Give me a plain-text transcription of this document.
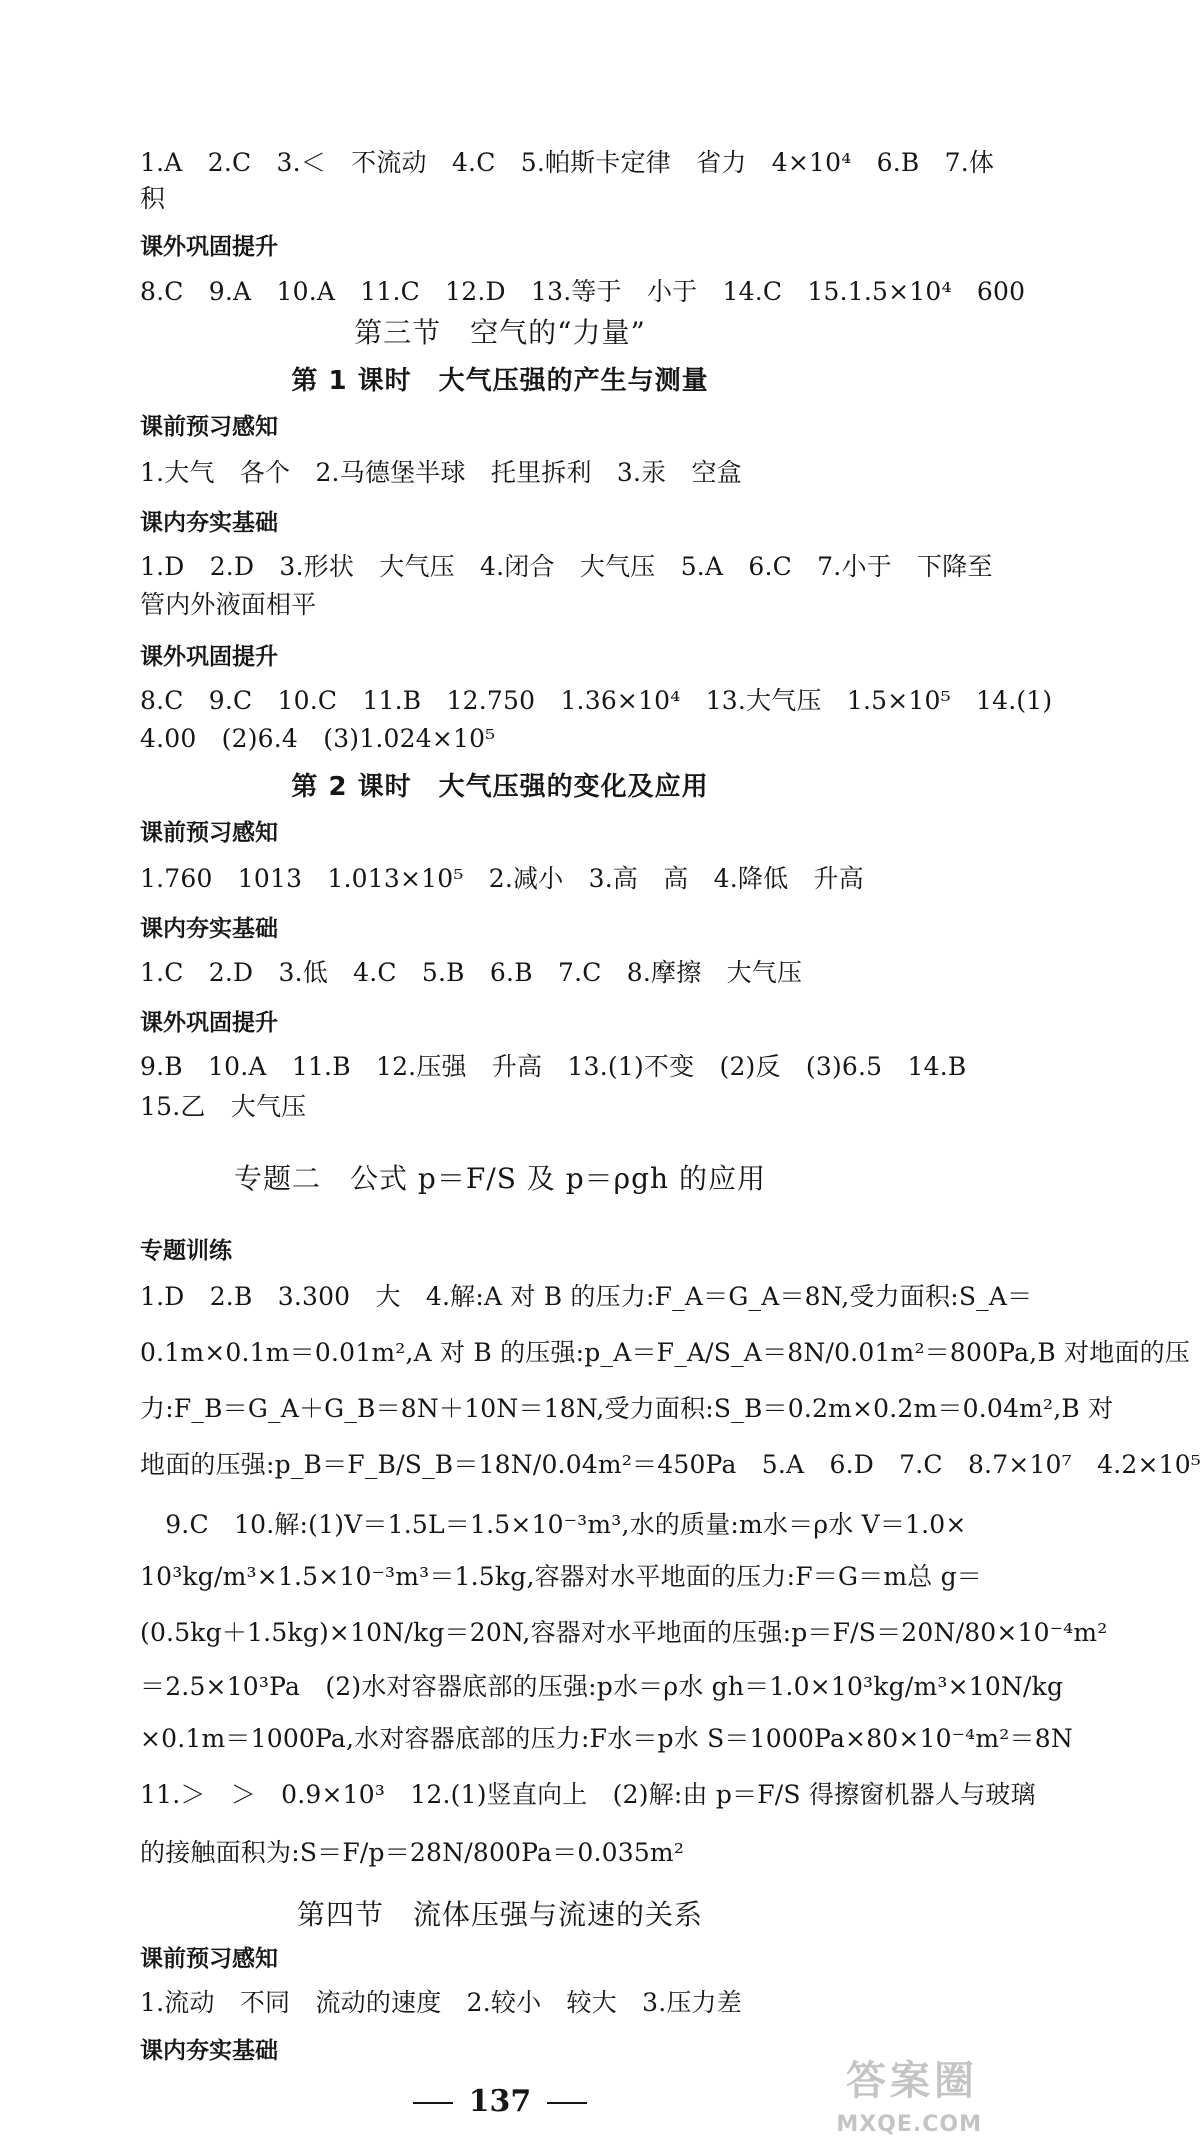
1.A　2.C　3.＜　不流动　4.C　5.帕斯卡定律　省力　4×10⁴　6.B　7.体
积
课外巩固提升
8.C　9.A　10.A　11.C　12.D　13.等于　小于　14.C　15.1.5×10⁴　600
第三节　空气的“力量”
第 1 课时　大气压强的产生与测量
课前预习感知
1.大气　各个　2.马德堡半球　托里拆利　3.汞　空盒
课内夯实基础
1.D　2.D　3.形状　大气压　4.闭合　大气压　5.A　6.C　7.小于　下降至
管内外液面相平
课外巩固提升
8.C　9.C　10.C　11.B　12.750　1.36×10⁴　13.大气压　1.5×10⁵　14.(1)
4.00　(2)6.4　(3)1.024×10⁵
第 2 课时　大气压强的变化及应用
课前预习感知
1.760　1013　1.013×10⁵　2.减小　3.高　高　4.降低　升高
课内夯实基础
1.C　2.D　3.低　4.C　5.B　6.B　7.C　8.摩擦　大气压
课外巩固提升
9.B　10.A　11.B　12.压强　升高　13.(1)不变　(2)反　(3)6.5　14.B
15.乙　大气压
专题二　公式 p＝F/S 及 p＝ρgh 的应用
专题训练
1.D　2.B　3.300　大　4.解:A 对 B 的压力:F_A＝G_A＝8N,受力面积:S_A＝
0.1m×0.1m＝0.01m²,A 对 B 的压强:p_A＝F_A/S_A＝8N/0.01m²＝800Pa,B 对地面的压
力:F_B＝G_A＋G_B＝8N＋10N＝18N,受力面积:S_B＝0.2m×0.2m＝0.04m²,B 对
地面的压强:p_B＝F_B/S_B＝18N/0.04m²＝450Pa　5.A　6.D　7.C　8.7×10⁷　4.2×10⁵
　9.C　10.解:(1)V＝1.5L＝1.5×10⁻³m³,水的质量:m水＝ρ水 V＝1.0×
10³kg/m³×1.5×10⁻³m³＝1.5kg,容器对水平地面的压力:F＝G＝m总 g＝
(0.5kg＋1.5kg)×10N/kg＝20N,容器对水平地面的压强:p＝F/S＝20N/80×10⁻⁴m²
＝2.5×10³Pa　(2)水对容器底部的压强:p水＝ρ水 gh＝1.0×10³kg/m³×10N/kg
×0.1m＝1000Pa,水对容器底部的压力:F水＝p水 S＝1000Pa×80×10⁻⁴m²＝8N
11.＞　＞　0.9×10³　12.(1)竖直向上　(2)解:由 p＝F/S 得擦窗机器人与玻璃
的接触面积为:S＝F/p＝28N/800Pa＝0.035m²
第四节　流体压强与流速的关系
课前预习感知
1.流动　不同　流动的速度　2.较小　较大　3.压力差
课内夯实基础
137	答案圈
MXQE.COM
